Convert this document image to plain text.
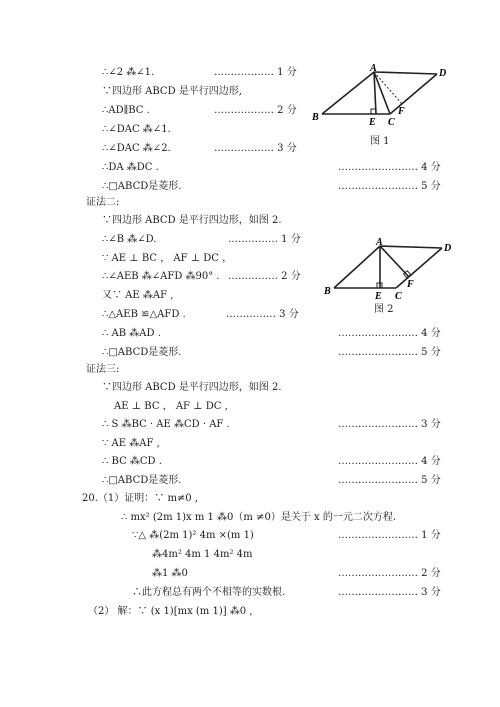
∴∠2 ⁂∠1.	……………… 1 分
∵四边形 ABCD 是平行四边形,
∴AD∥BC .	……………… 2 分
∴∠DAC ⁂∠1.
∴∠DAC ⁂∠2.	……………… 3 分
∴DA ⁂DC .	…………………… 4 分
∴□ABCD是菱形.	…………………… 5 分
A	D
B	E C
F
图 1
证法二:
∵四边形 ABCD 是平行四边形，如图 2.
∴∠B ⁂∠D.	…………… 1 分
∵ AE ⊥ BC ， AF ⊥ DC ，
∴∠AEB ⁂∠AFD ⁂90° . …………… 2 分
又∵ AE ⁂AF ,
∴△AEB ≌△AFD .	…………… 3 分
∴ AB ⁂AD .	…………………… 4 分
∴□ABCD是菱形.	…………………… 5 分
A
D
B	E C
F
图 2
证法三:
∵四边形 ABCD 是平行四边形，如图 2.
AE ⊥ BC ， AF ⊥ DC ,
∴ S ⁂BC · AE ⁂CD · AF .	…………………… 3 分
∵ AE ⁂AF ,
∴ BC ⁂CD .	…………………… 4 分
∴□ABCD是菱形.	…………………… 5 分
20.（1）证明：∵ m≠0 ,
∴ mx² (2m 1)x m 1 ⁂0（m ≠0）是关于 x 的一元二次方程.
∵△ ⁂(2m 1)² 4m ×(m 1)	…………………… 1 分
⁂4m² 4m 1 4m² 4m
⁂1 ⁂0	…………………… 2 分
∴此方程总有两个不相等的实数根.	…………………… 3 分
（2） 解：∵ (x 1)[mx (m 1)] ⁂0 ,
